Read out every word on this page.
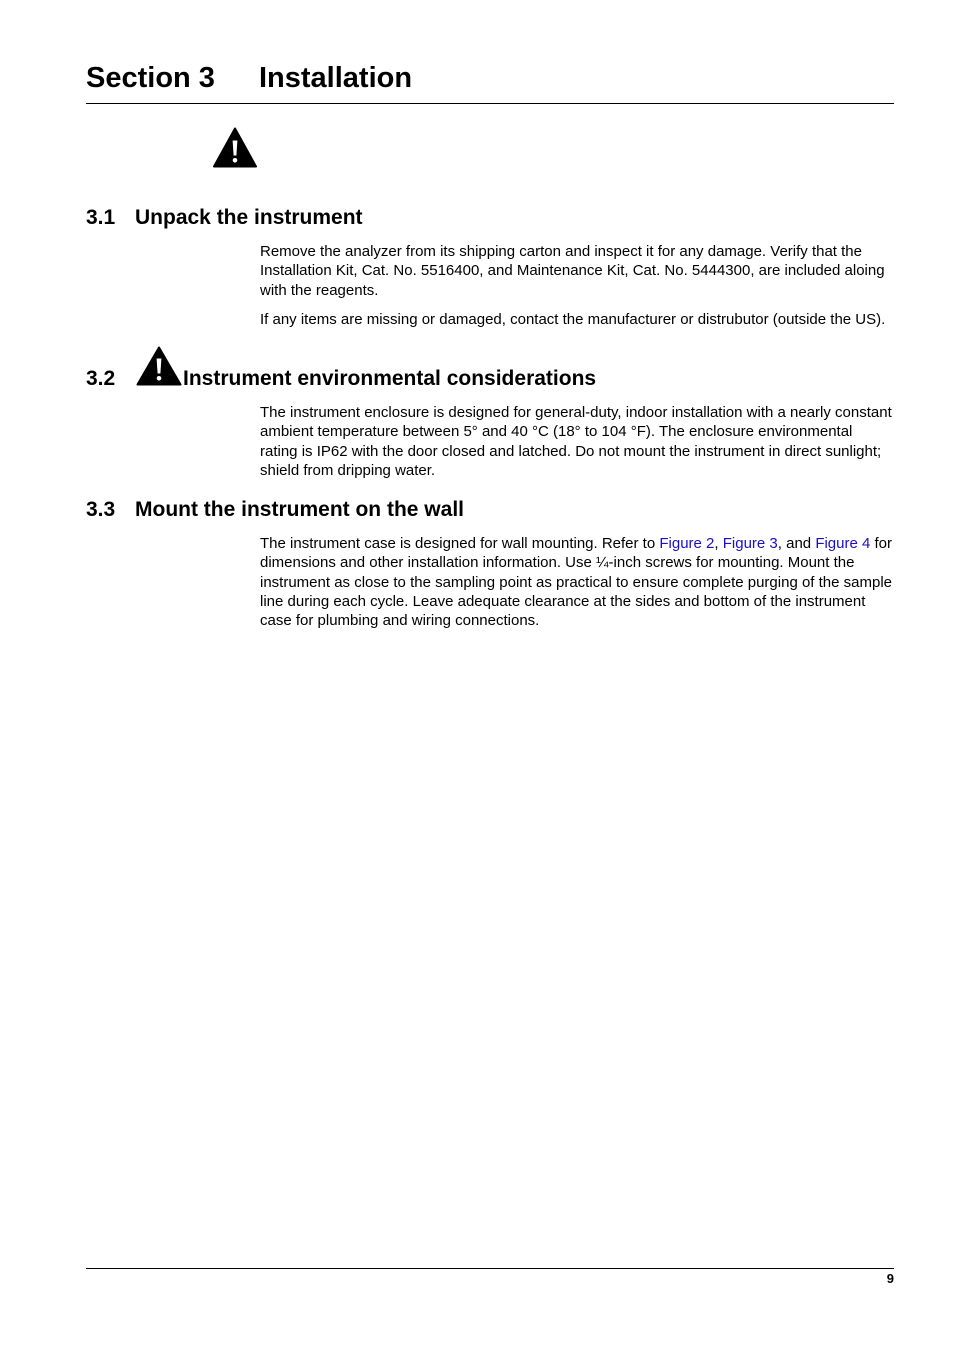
Section 3 Installation
3.1 Unpack the instrument

Remove the analyzer from its shipping carton and inspect it for any damage. Verify that the Installation Kit, Cat. No. 5516400, and Maintenance Kit, Cat. No. 5444300, are included aloing with the reagents.

If any items are missing or damaged, contact the manufacturer or distrubutor (outside the US).

3.2	Instrument environmental considerations

The instrument enclosure is designed for general-duty, indoor installation with a nearly constant ambient temperature between 5° and 40 °C (18° to 104 °F). The enclosure environmental rating is IP62 with the door closed and latched. Do not mount the instrument in direct sunlight; shield from dripping water.

3.3 Mount the instrument on the wall

The instrument case is designed for wall mounting. Refer to Figure 2, Figure 3, and Figure 4 for dimensions and other installation information. Use ¼-inch screws for mounting. Mount the instrument as close to the sampling point as practical to ensure complete purging of the sample line during each cycle. Leave adequate clearance at the sides and bottom of the instrument case for plumbing and wiring connections.

9
